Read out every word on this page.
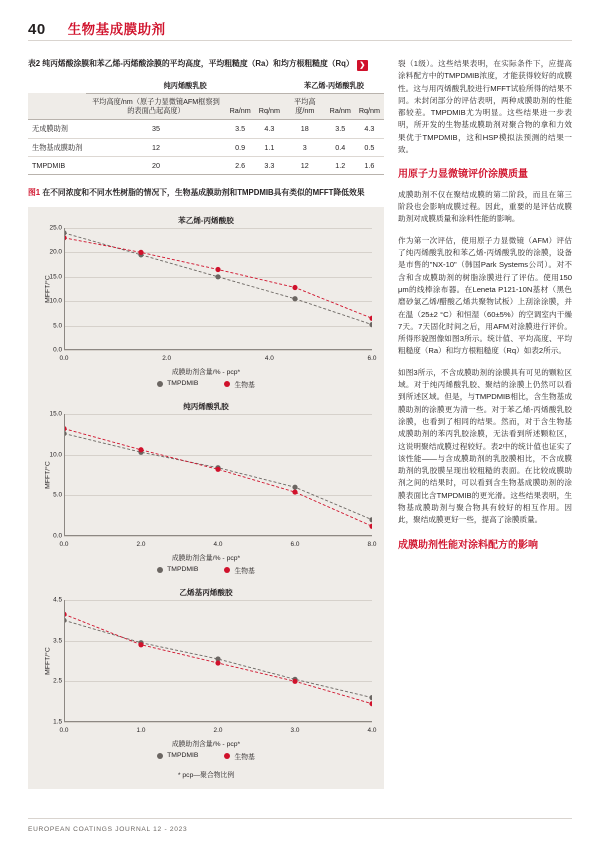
40 生物基成膜助剂
表2 纯丙烯酸涂膜和苯乙烯-丙烯酸涂膜的平均高度，平均粗糙度（Ra）和均方根粗糙度（Rq） ❯
	纯丙烯酸乳胶			苯乙烯-丙烯酸乳胶		
	平均高度/nm（原子力显微镜AFM框察到的表面凸起高度）	Ra/nm	Rq/nm	平均高度/nm	Ra/nm	Rq/nm
无成膜助剂	35	3.5	4.3	18	3.5	4.3
生物基成膜助剂	12	0.9	1.1	3	0.4	0.5
TMPDMIB	20	2.6	3.3	12	1.2	1.6
图1 在不同浓度和不同水性树脂的情况下，生物基成膜助剂和TMPDMIB具有类似的MFFT降低效果
苯乙烯-丙烯酸胶
MFFT/°C
0.0
5.0
10.0
15.0
20.0
25.0
0.0	2.0	4.0	6.0
成膜助剂含量/% - pcp*
TMPDMIB	生物基
纯丙烯酸乳胶
MFFT/°C
0.0
5.0
10.0
15.0
0.0	2.0	4.0	6.0	8.0
成膜助剂含量/% - pcp*
TMPDMIB	生物基
乙烯基丙烯酸胶
MFFT/°C
1.5
2.5
3.5
4.5
0.0	1.0	2.0	3.0	4.0
成膜助剂含量/% - pcp*
TMPDMIB	生物基
* pcp—聚合物比例

裂（1级）。这些结果表明，在实际条件下，应提高涂料配方中的TMPDMIB浓度，才能获得较好的成膜性。这与用丙烯酸乳胶进行MFFT试验所得的结果不同。未封闭部分的评估表明，两种成膜助剂的性能都较差。TMPDMIB尤为明显。这些结果进一步表明，所开发的生物基成膜助剂对聚合物的拿和力效果优于TMPDMIB，这和HSP模拟法预测的结果一致。

用原子力显微镜评价涂膜质量

成膜助剂不仅在聚结成膜的第二阶段，而且在第三阶段也会影响成膜过程。因此，重要的是评估成膜助剂对成膜质量和涂料性能的影响。

作为第一次评估，使用原子力显微镜（AFM）评估了纯丙烯酸乳胶和苯乙烯-丙烯酸乳胶的涂膜，设备是市售的"NX-10"（韩国Park Systems公司）。对不含和含成膜助剂的树脂涂膜进行了评估。使用150 μm的线棒涂布器。在Leneta P121-10N基材（黑色磨砂氯乙烯/醋酸乙烯共聚物试板）上刮涂涂膜，并在温（25±2 °C）和恒湿（60±5%）的空调室内干燥7天。7天固化时间之后，用AFM对涂膜进行评价。所得形貌图像如图3所示。统计值、平均高度、平均粗糙度（Ra）和均方根粗糙度（Rq）如表2所示。

如图3所示，不含成膜助剂的涂膜具有可见的颗粒区域。对于纯丙烯酸乳胶、聚结的涂膜上仍然可以看到所述区域。但是，与TMPDMIB相比，含生物基成膜助剂的涂膜更为清一些。对于苯乙烯-丙烯酸乳胶涂膜，也看到了相同的结果。然而，对于含生物基成膜助剂的苯丙乳胶涂膜，无法看到所述颗粒区，这说明聚结成膜过程较好。表2中的统计值也证实了该性能——与含成膜助剂的乳胶膜相比，不含成膜助剂的乳胶膜呈现出较粗糙的表面。在比较成膜助剂之间的结果时，可以看到含生物基成膜助剂的涂膜表面比含TMPDMIB的更光滑。这些结果表明，生物基成膜助剂与聚合物具有较好的相互作用。因此，聚结成膜更好一些，提高了涂膜质量。

成膜助剂性能对涂料配方的影响
EUROPEAN COATINGS JOURNAL 12 - 2023
